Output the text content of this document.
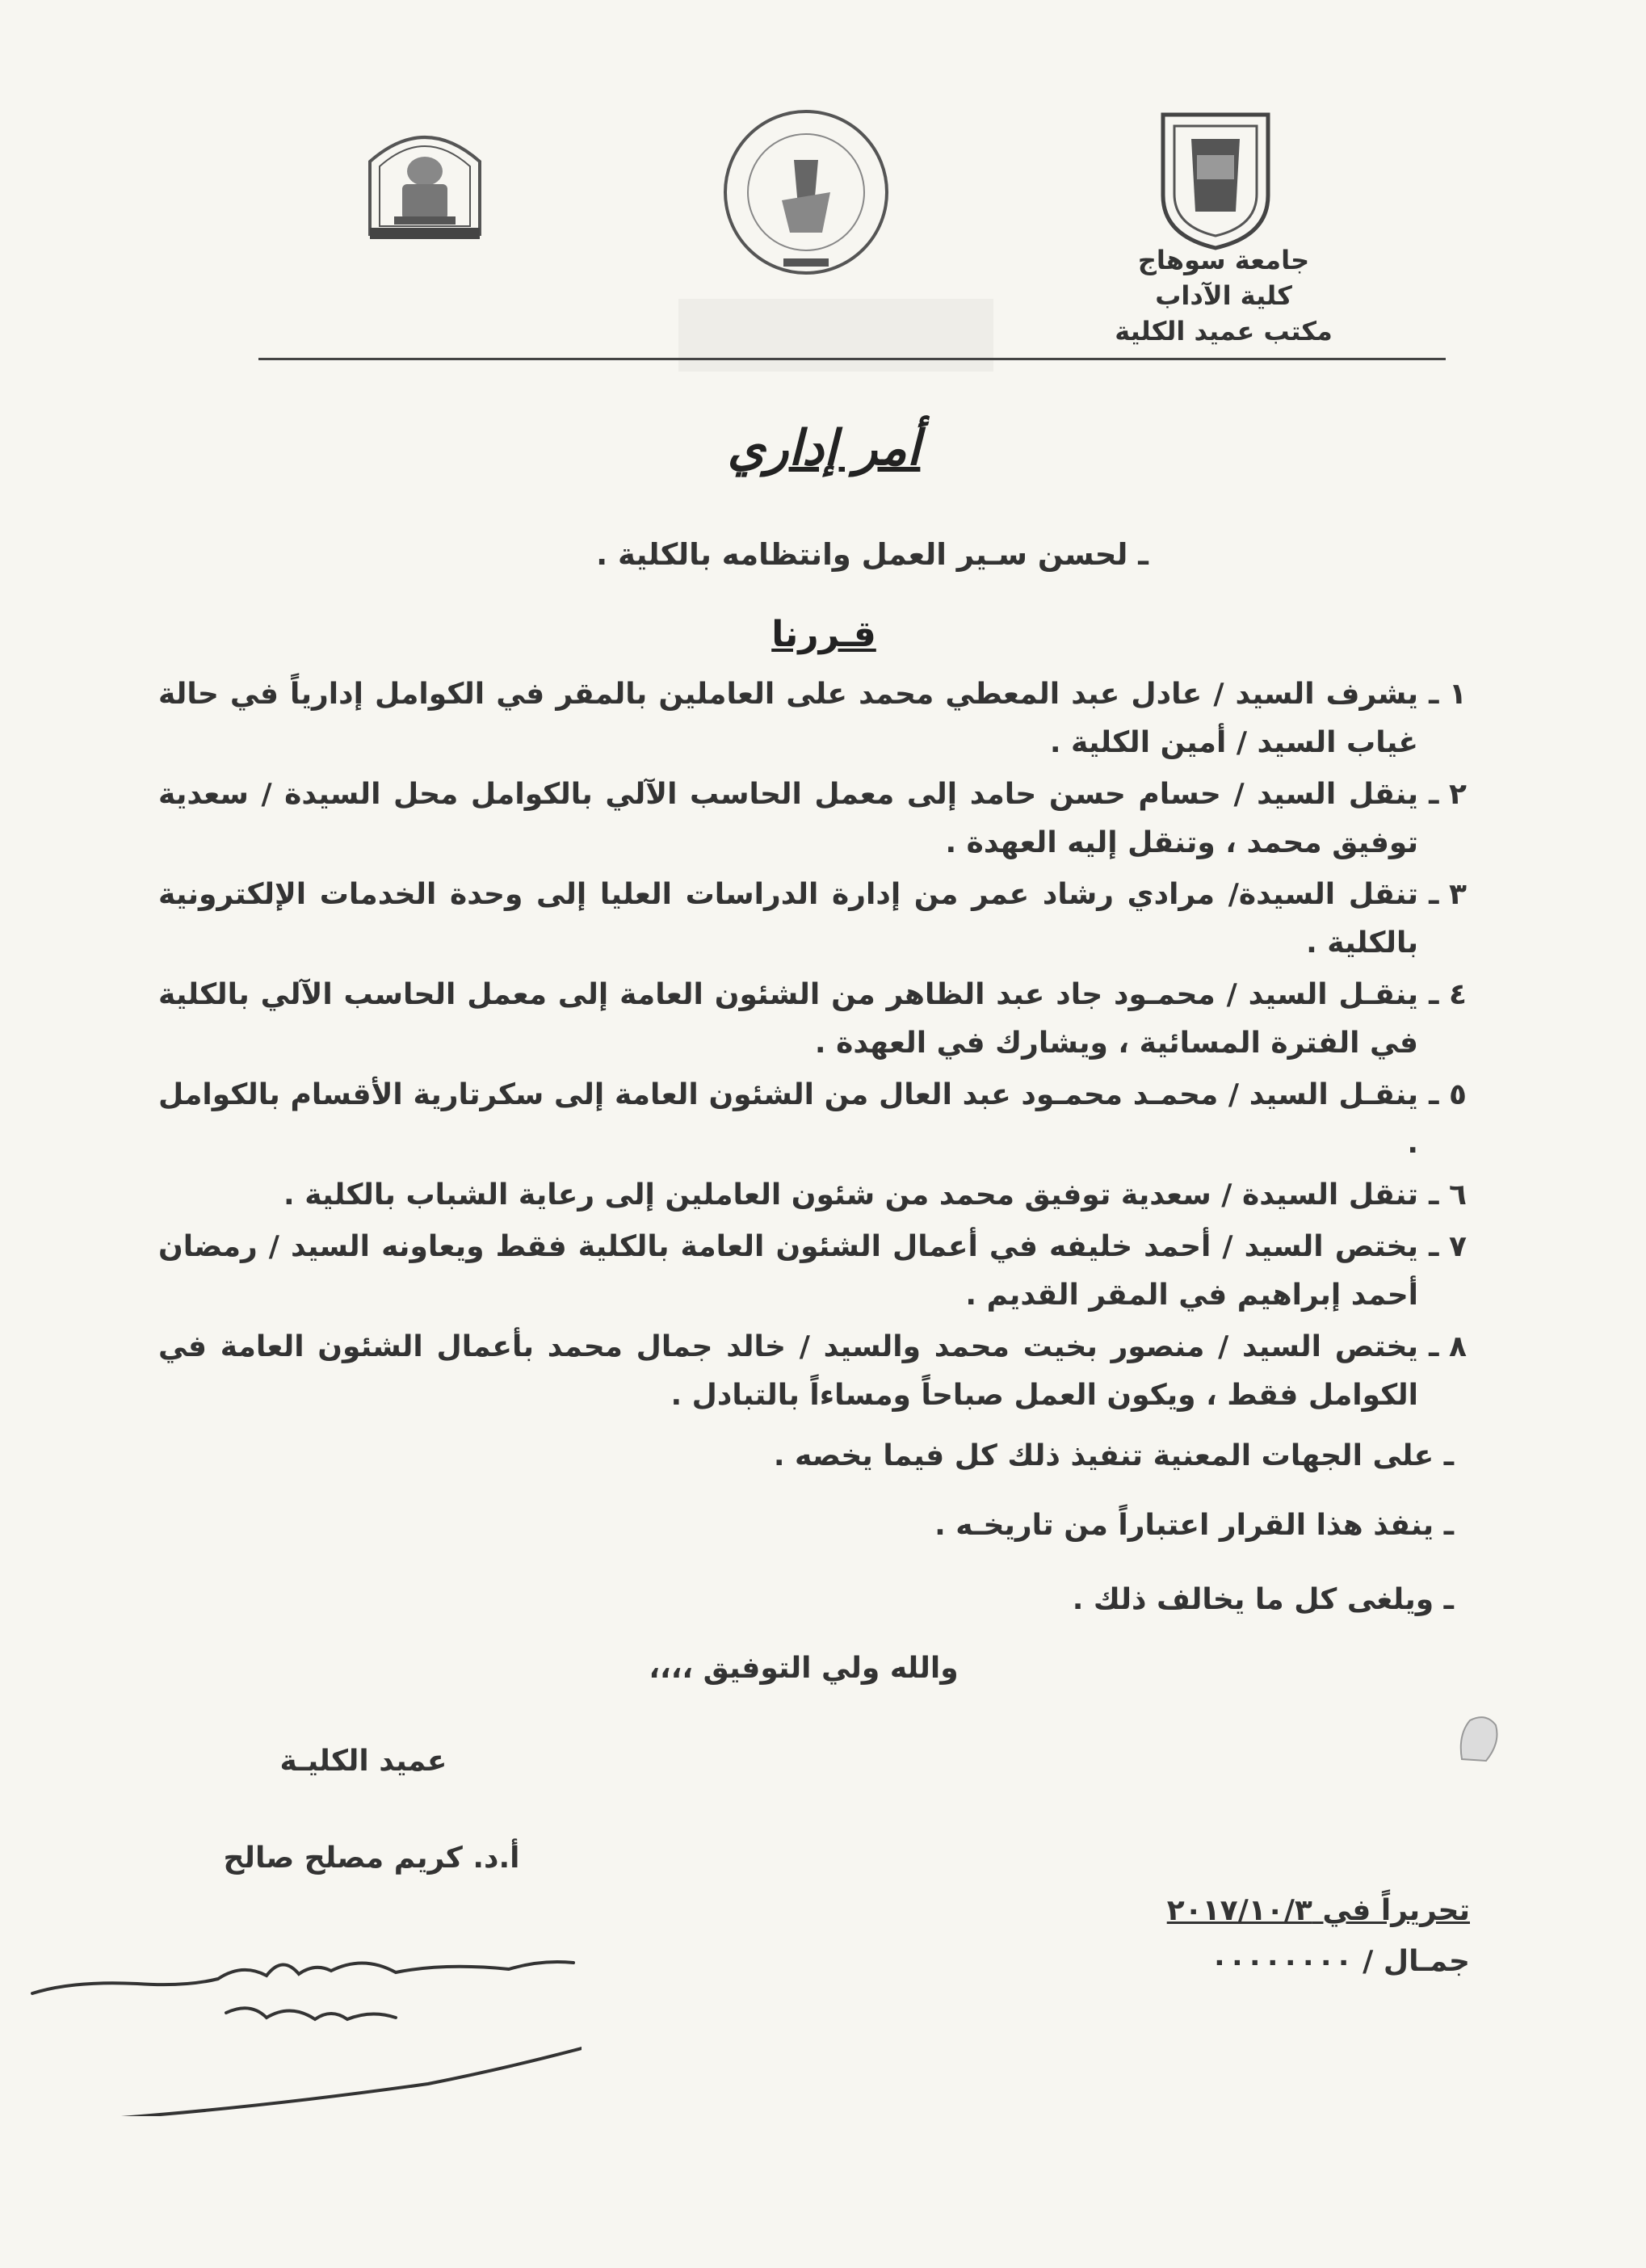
جامعة سوهاج
كلية الآداب
مكتب عميد الكلية
أمر إداري
ـ لحسن سـير العمل وانتظامه بالكلية .
قـررنا
١ ـ
يشرف السيد / عادل عبد المعطي محمد على العاملين بالمقر في الكوامل إدارياً في حالة غياب السيد / أمين الكلية .
٢ ـ
ينقل السيد / حسام حسن حامد إلى معمل الحاسب الآلي بالكوامل محل السيدة / سعدية توفيق محمد ، وتنقل إليه العهدة .
٣ ـ
تنقل السيدة/ مرادي رشاد عمر من إدارة الدراسات العليا إلى وحدة الخدمات الإلكترونية بالكلية .
٤ ـ
ينقـل السيد / محمـود جاد عبد الظاهر من الشئون العامة إلى معمل الحاسب الآلي بالكلية في الفترة المسائية ، ويشارك في العهدة .
٥ ـ
ينقـل السيد / محمـد محمـود عبد العال من الشئون العامة إلى سكرتارية الأقسام بالكوامل .
٦ ـ
تنقل السيدة / سعدية توفيق محمد من شئون العاملين إلى رعاية الشباب بالكلية .
٧ ـ
يختص السيد / أحمد خليفه في أعمال الشئون العامة بالكلية فقط ويعاونه السيد / رمضان أحمد إبراهيم في المقر القديم .
٨ ـ
يختص السيد / منصور بخيت محمد والسيد / خالد جمال محمد بأعمال الشئون العامة في الكوامل فقط ، ويكون العمل صباحاً ومساءاً بالتبادل .
ـ على الجهات المعنية تنفيذ ذلك كل فيما يخصه .
ـ ينفذ هذا القرار اعتباراً من تاريخـه .
ـ ويلغى كل ما يخالف ذلك .
والله ولي التوفيق ،،،،
عميد الكليـة
أ.د. كريم مصلح صالح
تحريراً في ٢٠١٧/١٠/٣
جمـال / ٠٠٠٠٠٠٠٠
